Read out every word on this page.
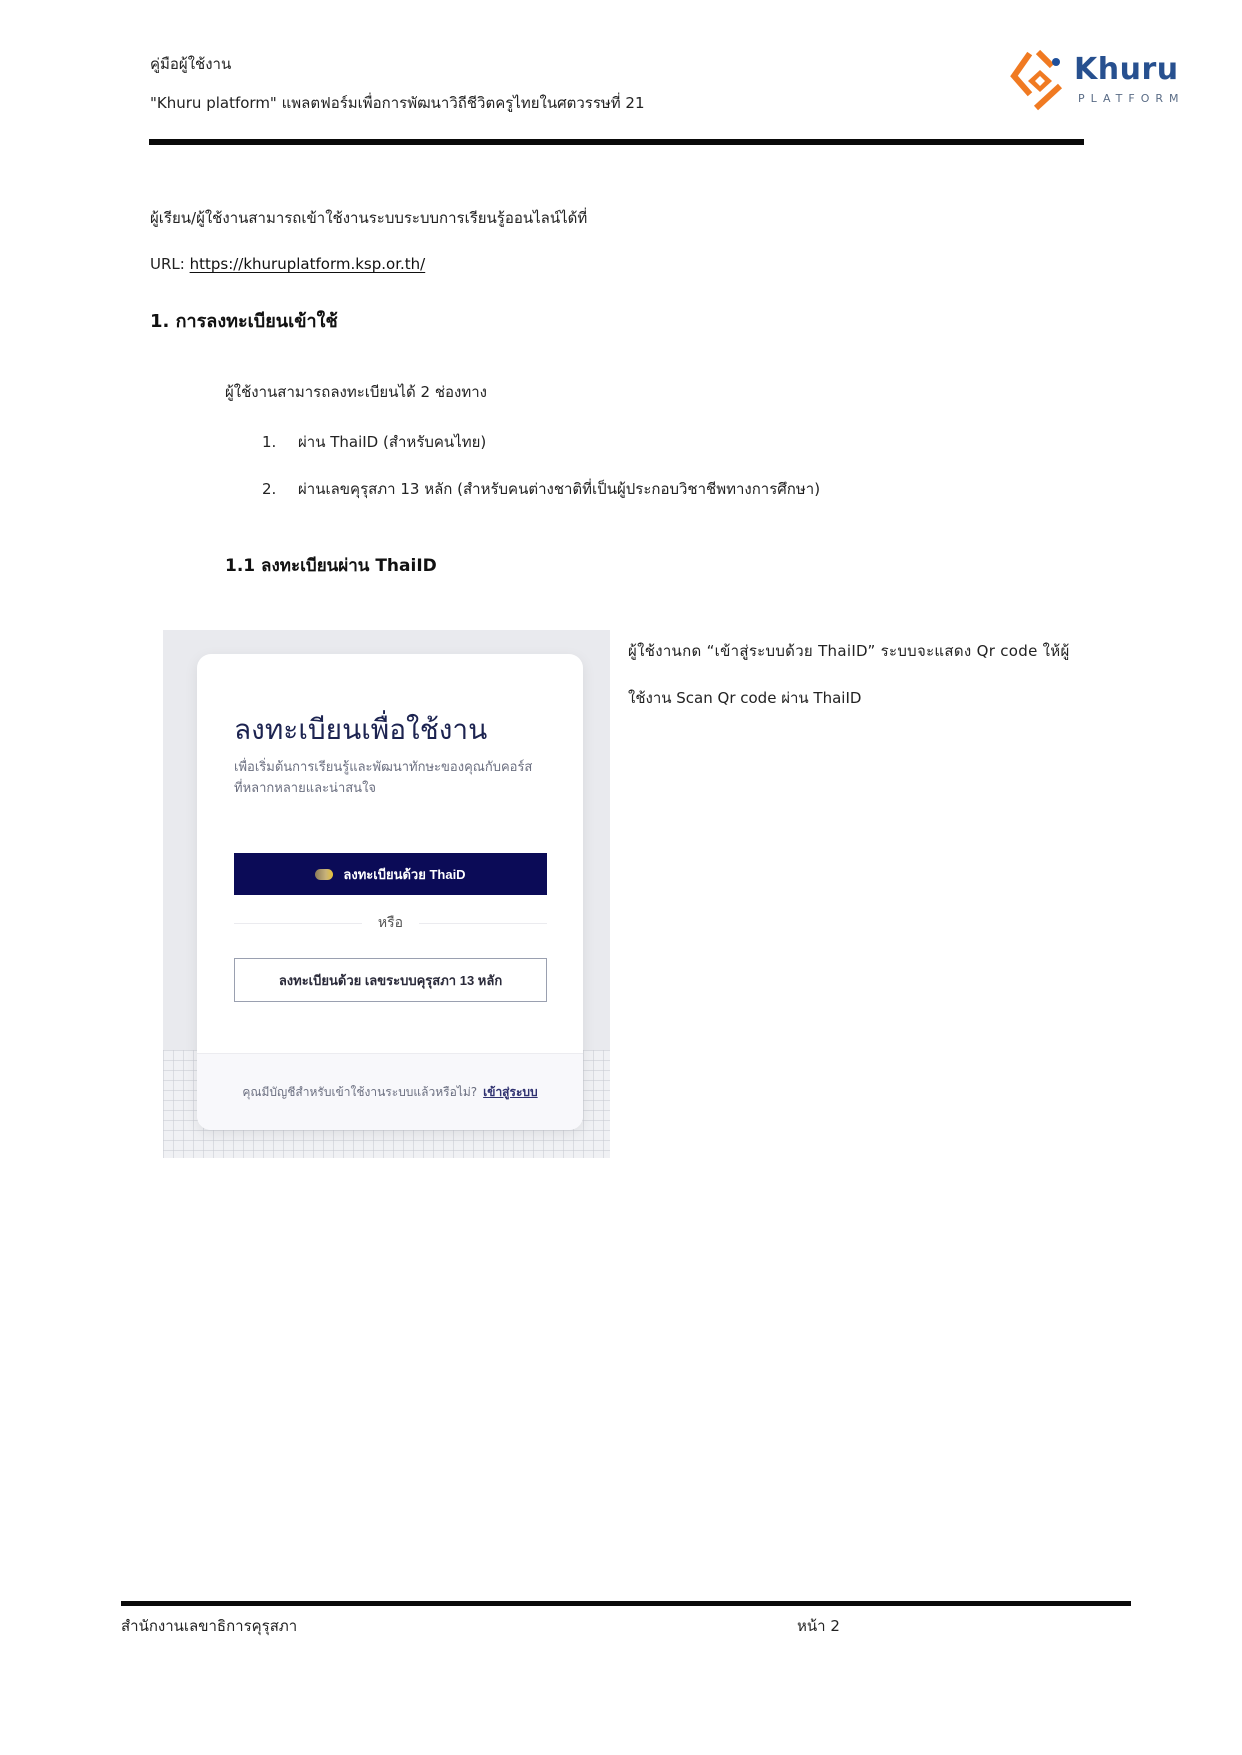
คู่มือผู้ใช้งาน
"Khuru platform" แพลตฟอร์มเพื่อการพัฒนาวิถีชีวิตครูไทยในศตวรรษที่ 21
Khuru
PLATFORM
ผู้เรียน/ผู้ใช้งานสามารถเข้าใช้งานระบบระบบการเรียนรู้ออนไลน์ได้ที่
URL: https://khuruplatform.ksp.or.th/
1. การลงทะเบียนเข้าใช้
ผู้ใช้งานสามารถลงทะเบียนได้ 2 ช่องทาง
1. ผ่าน ThaiID (สำหรับคนไทย)
2. ผ่านเลขคุรุสภา 13 หลัก (สำหรับคนต่างชาติที่เป็นผู้ประกอบวิชาชีพทางการศึกษา)
1.1 ลงทะเบียนผ่าน ThaiID
ลงทะเบียนเพื่อใช้งาน
เพื่อเริ่มต้นการเรียนรู้และพัฒนาทักษะของคุณกับคอร์สที่หลากหลายและน่าสนใจ
ลงทะเบียนด้วย ThaiD
หรือ
ลงทะเบียนด้วย เลขระบบคุรุสภา 13 หลัก
คุณมีบัญชีสำหรับเข้าใช้งานระบบแล้วหรือไม่? เข้าสู่ระบบ
ผู้ใช้งานกด “เข้าสู่ระบบด้วย ThaiID” ระบบจะแสดง Qr code ให้ผู้
ใช้งาน Scan Qr code ผ่าน ThaiID
สำนักงานเลขาธิการคุรุสภา	หน้า 2
